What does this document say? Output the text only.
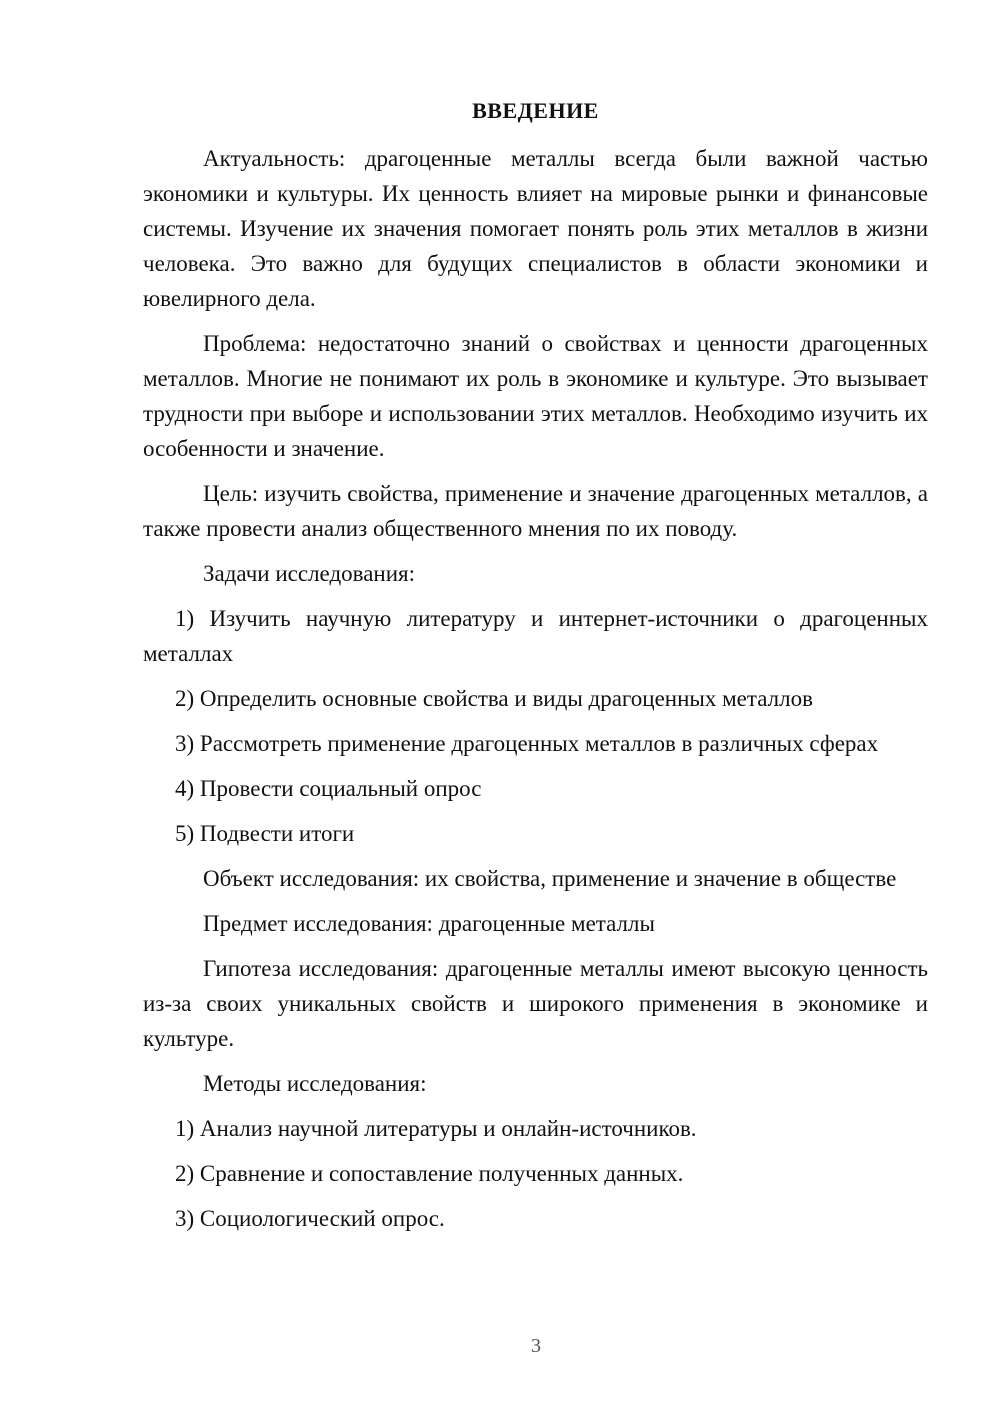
ВВЕДЕНИЕ

Актуальность: драгоценные металлы всегда были важной частью экономики и культуры. Их ценность влияет на мировые рынки и финансовые системы. Изучение их значения помогает понять роль этих металлов в жизни человека. Это важно для будущих специалистов в области экономики и ювелирного дела.

Проблема: недостаточно знаний о свойствах и ценности драгоценных металлов. Многие не понимают их роль в экономике и культуре. Это вызывает трудности при выборе и использовании этих металлов. Необходимо изучить их особенности и значение.

Цель: изучить свойства, применение и значение драгоценных металлов, а также провести анализ общественного мнения по их поводу.

Задачи исследования:

1) Изучить научную литературу и интернет-источники о драгоценных металлах

2) Определить основные свойства и виды драгоценных металлов

3) Рассмотреть применение драгоценных металлов в различных сферах

4) Провести социальный опрос

5) Подвести итоги

Объект исследования: их свойства, применение и значение в обществе

Предмет исследования: драгоценные металлы

Гипотеза исследования: драгоценные металлы имеют высокую ценность из-за своих уникальных свойств и широкого применения в экономике и культуре.

Методы исследования:

1) Анализ научной литературы и онлайн-источников.

2) Сравнение и сопоставление полученных данных.

3) Социологический опрос.

3
